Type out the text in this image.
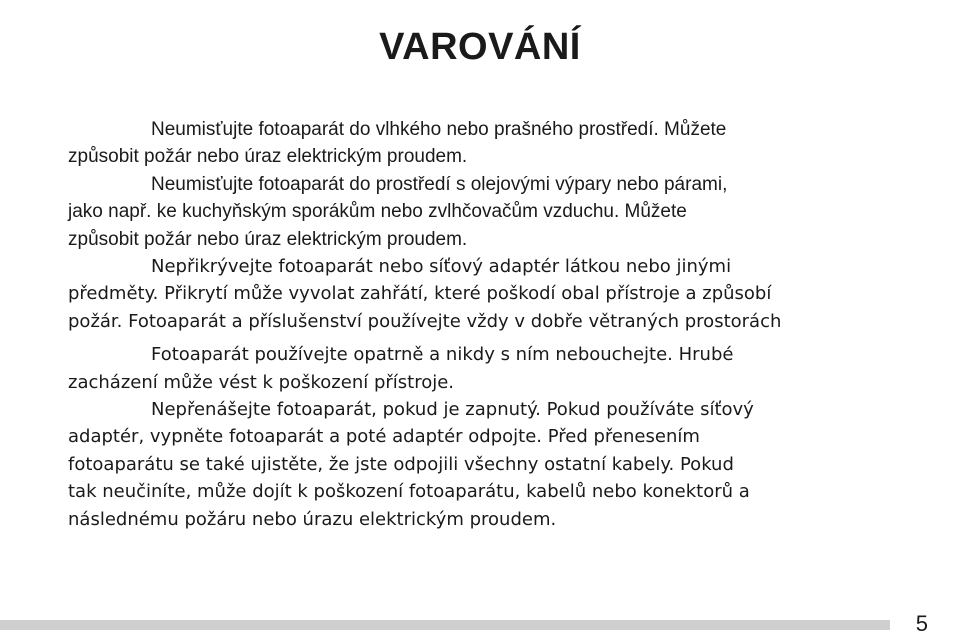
VAROVÁNÍ

Neumisťujte fotoaparát do vlhkého nebo prašného prostředí. Můžete
způsobit požár nebo úraz elektrickým proudem.

Neumisťujte fotoaparát do prostředí s olejovými výpary nebo párami,
jako např. ke kuchyňským sporákům nebo zvlhčovačům vzduchu. Můžete
způsobit požár nebo úraz elektrickým proudem.

Nepřikrývejte fotoaparát nebo síťový adaptér látkou nebo jinými
předměty. Přikrytí může vyvolat zahřátí, které poškodí obal přístroje a způsobí
požár. Fotoaparát a příslušenství používejte vždy v dobře větraných prostorách

Fotoaparát používejte opatrně a nikdy s ním nebouchejte. Hrubé
zacházení může vést k poškození přístroje.

Nepřenášejte fotoaparát, pokud je zapnutý. Pokud používáte síťový
adaptér, vypněte fotoaparát a poté adaptér odpojte. Před přenesením
fotoaparátu se také ujistěte, že jste odpojili všechny ostatní kabely. Pokud
tak neučiníte, může dojít k poškození fotoaparátu, kabelů nebo konektorů a
následnému požáru nebo úrazu elektrickým proudem.

5
